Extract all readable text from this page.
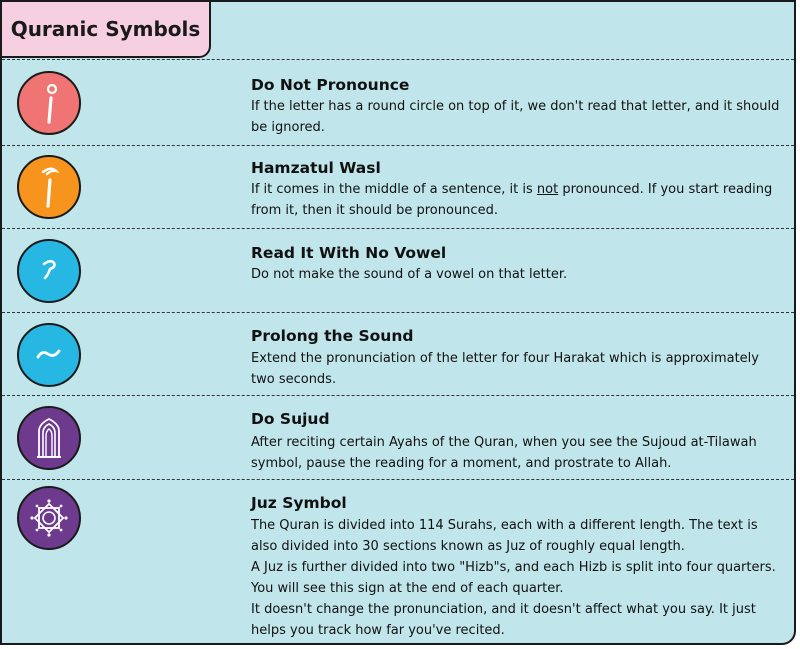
Quranic Symbols
Do Not Pronounce
If the letter has a round circle on top of it, we don't read that letter, and it should be ignored.
Hamzatul Wasl
If it comes in the middle of a sentence, it is not pronounced. If you start reading from it, then it should be pronounced.
Read It With No Vowel
Do not make the sound of a vowel on that letter.
Prolong the Sound
Extend the pronunciation of the letter for four Harakat which is approximately two seconds.
Do Sujud
After reciting certain Ayahs of the Quran, when you see the Sujoud at-Tilawah symbol, pause the reading for a moment, and prostrate to Allah.
Juz Symbol

The Quran is divided into 114 Surahs, each with a different length. The text is also divided into 30 sections known as Juz of roughly equal length.

A Juz is further divided into two "Hizb"s, and each Hizb is split into four quarters. You will see this sign at the end of each quarter.

It doesn't change the pronunciation, and it doesn't affect what you say. It just helps you track how far you've recited.
